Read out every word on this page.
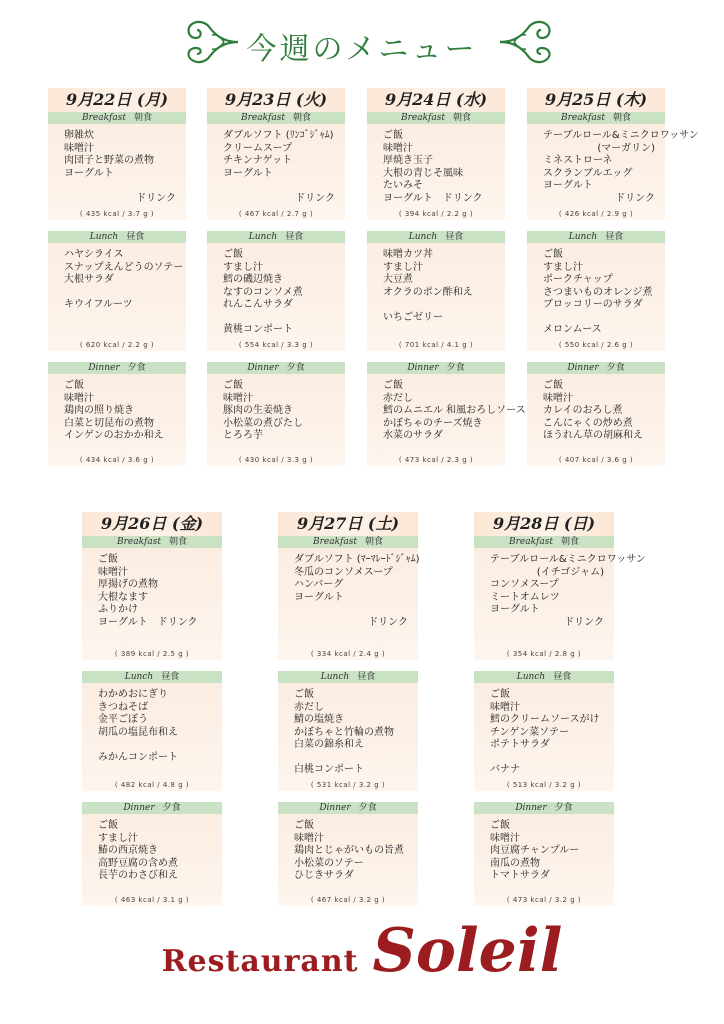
今週のメニュー
9月22日 (月)
Breakfast 朝食
卵雑炊
味噌汁
肉団子と野菜の煮物
ヨーグルト
ドリンク
( 435 kcal / 3.7 g )
Lunch 昼食
ハヤシライス
スナップえんどうのソテー
大根サラダ
キウイフルーツ
( 620 kcal / 2.2 g )
Dinner 夕食
ご飯
味噌汁
鶏肉の照り焼き
白菜と切昆布の煮物
インゲンのおかか和え
( 434 kcal / 3.6 g )
9月23日 (火)
Breakfast 朝食
ダブルソフト (ﾘﾝｺﾞｼﾞｬﾑ)
クリームスープ
チキンナゲット
ヨーグルト
ドリンク
( 467 kcal / 2.7 g )
Lunch 昼食
ご飯
すまし汁
鱈の磯辺焼き
なすのコンソメ煮
れんこんサラダ
黄桃コンポート
( 554 kcal / 3.3 g )
Dinner 夕食
ご飯
味噌汁
豚肉の生姜焼き
小松菜の煮びたし
とろろ芋
( 430 kcal / 3.3 g )
9月24日 (水)
Breakfast 朝食
ご飯
味噌汁
厚焼き玉子
大根の青じそ風味
たいみそ
ヨーグルト　ドリンク
( 394 kcal / 2.2 g )
Lunch 昼食
味噌カツ丼
すまし汁
大豆煮
オクラのポン酢和え
いちごゼリー
( 701 kcal / 4.1 g )
Dinner 夕食
ご飯
赤だし
鱈のムニエル 和風おろしソース
かぼちゃのチーズ焼き
水菜のサラダ
( 473 kcal / 2.3 g )
9月25日 (木)
Breakfast 朝食
テーブルロール&ミニクロワッサン
(マーガリン)
ミネストローネ
スクランブルエッグ
ヨーグルト
ドリンク
( 426 kcal / 2.9 g )
Lunch 昼食
ご飯
すまし汁
ポークチャップ
さつまいものオレンジ煮
ブロッコリーのサラダ
メロンムース
( 550 kcal / 2.6 g )
Dinner 夕食
ご飯
味噌汁
カレイのおろし煮
こんにゃくの炒め煮
ほうれん草の胡麻和え
( 407 kcal / 3.6 g )
9月26日 (金)
Breakfast 朝食
ご飯
味噌汁
厚揚げの煮物
大根なます
ふりかけ
ヨーグルト　ドリンク
( 389 kcal / 2.5 g )
Lunch 昼食
わかめおにぎり
きつねそば
金平ごぼう
胡瓜の塩昆布和え
みかんコンポート
( 482 kcal / 4.8 g )
Dinner 夕食
ご飯
すまし汁
鰆の西京焼き
高野豆腐の含め煮
長芋のわさび和え
( 463 kcal / 3.1 g )
9月27日 (土)
Breakfast 朝食
ダブルソフト (ﾏｰﾏﾚｰﾄﾞｼﾞｬﾑ)
冬瓜のコンソメスープ
ハンバーグ
ヨーグルト
ドリンク
( 334 kcal / 2.4 g )
Lunch 昼食
ご飯
赤だし
鯖の塩焼き
かぼちゃと竹輪の煮物
白菜の錦糸和え
白桃コンポート
( 531 kcal / 3.2 g )
Dinner 夕食
ご飯
味噌汁
鶏肉とじゃがいもの旨煮
小松菜のソテー
ひじきサラダ
( 467 kcal / 3.2 g )
9月28日 (日)
Breakfast 朝食
テーブルロール&ミニクロワッサン
(イチゴジャム)
コンソメスープ
ミートオムレツ
ヨーグルト
ドリンク
( 354 kcal / 2.8 g )
Lunch 昼食
ご飯
味噌汁
鱈のクリームソースがけ
チンゲン菜ソテー
ポテトサラダ
バナナ
( 513 kcal / 3.2 g )
Dinner 夕食
ご飯
味噌汁
肉豆腐チャンプルー
南瓜の煮物
トマトサラダ
( 473 kcal / 3.2 g )
Restaurant Soleil
